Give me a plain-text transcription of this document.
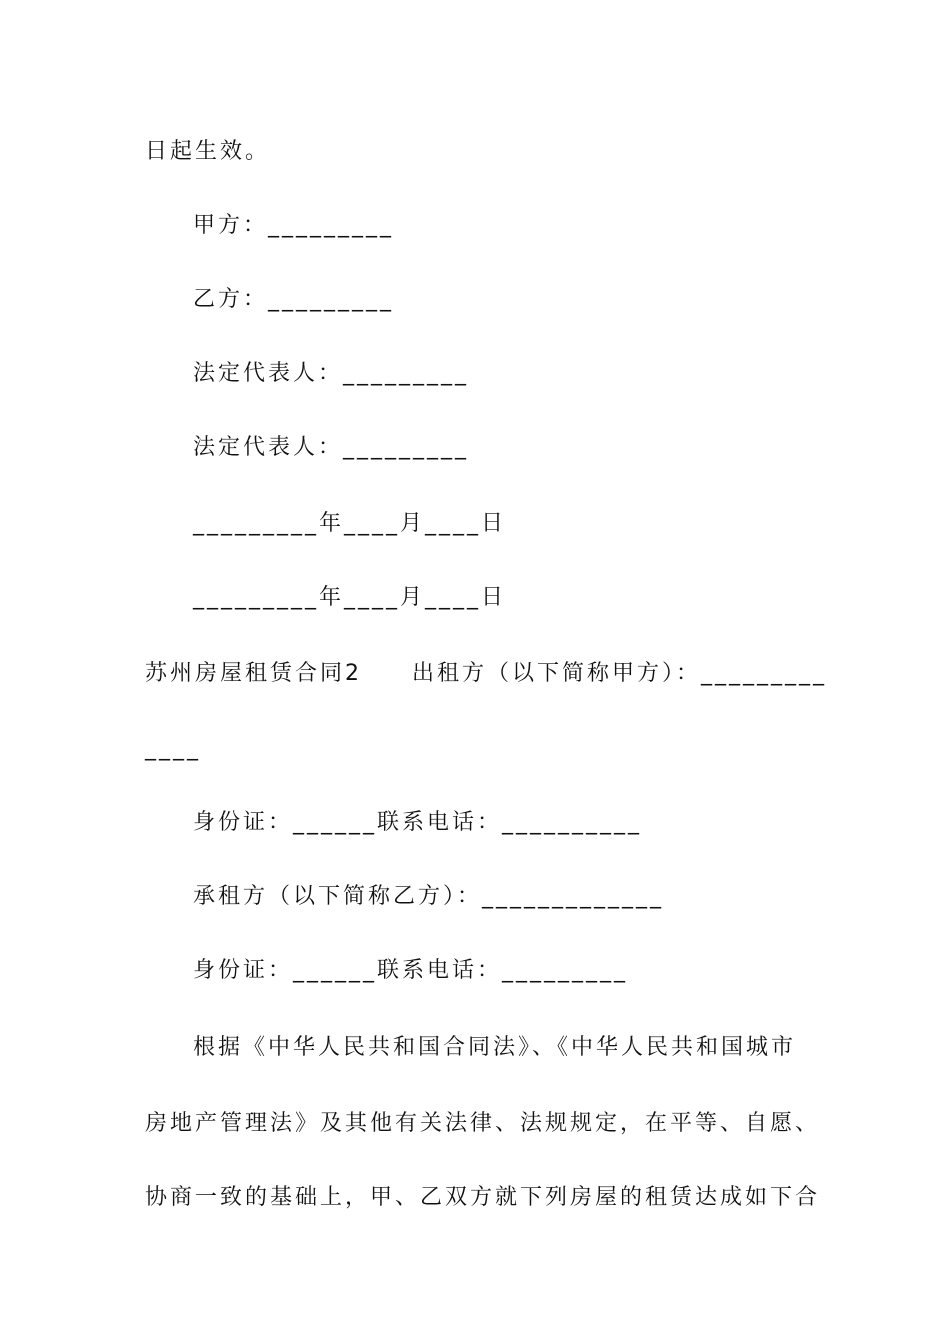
日起生效。
甲方：_________
乙方：_________
法定代表人：_________
法定代表人：_________
_________年____月____日
_________年____月____日
苏州房屋租赁合同2　　出租方（以下简称甲方）：_________
____
身份证：______联系电话：__________
承租方（以下简称乙方）：_____________
身份证：______联系电话：_________
根据《中华人民共和国合同法》、《中华人民共和国城市
房地产管理法》及其他有关法律、法规规定，在平等、自愿、
协商一致的基础上，甲、乙双方就下列房屋的租赁达成如下合
